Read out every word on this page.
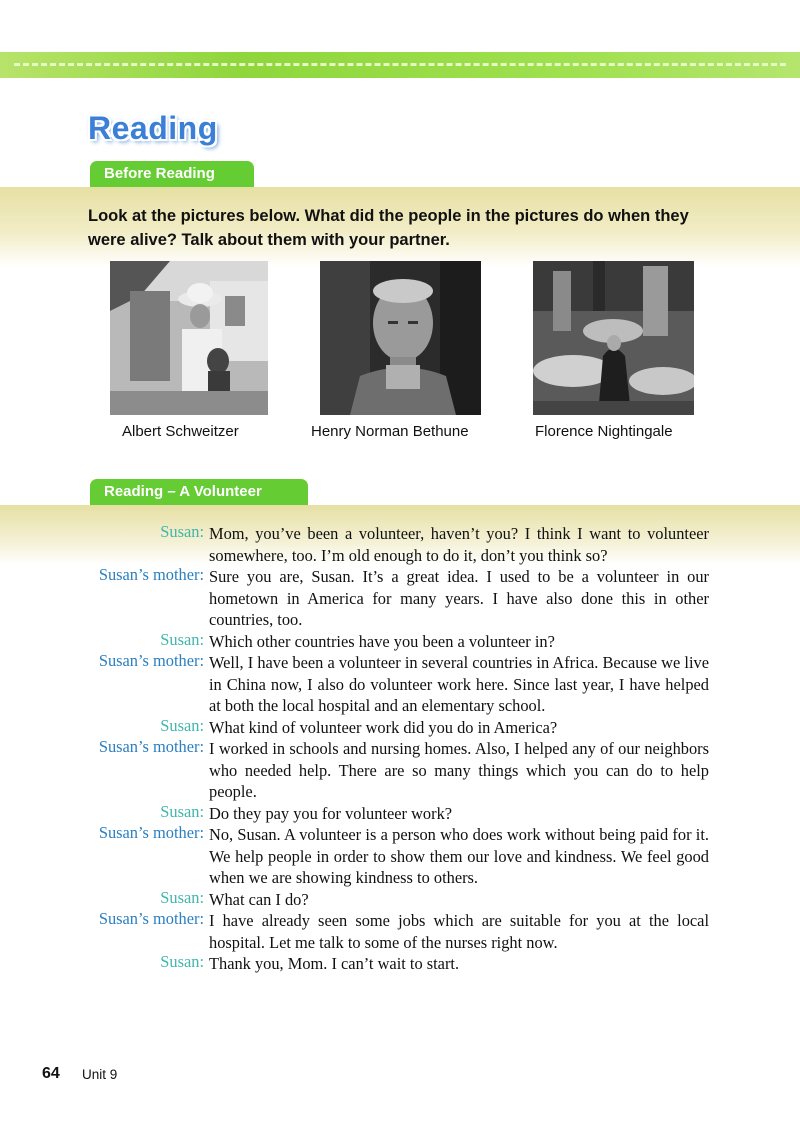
Reading
Before Reading

Look at the pictures below. What did the people in the pictures do when they were alive? Talk about them with your partner.

Albert Schweitzer	Henry Norman Bethune	Florence Nightingale
Reading – A Volunteer
Susan: Mom, you’ve been a volunteer, haven’t you? I think I want to volunteer somewhere, too. I’m old enough to do it, don’t you think so?
Susan’s mother: Sure you are, Susan. It’s a great idea. I used to be a volunteer in our hometown in America for many years. I have also done this in other countries, too.
Susan: Which other countries have you been a volunteer in?
Susan’s mother: Well, I have been a volunteer in several countries in Africa. Because we live in China now, I also do volunteer work here. Since last year, I have helped at both the local hospital and an elementary school.
Susan: What kind of volunteer work did you do in America?
Susan’s mother: I worked in schools and nursing homes. Also, I helped any of our neighbors who needed help. There are so many things which you can do to help people.
Susan: Do they pay you for volunteer work?
Susan’s mother: No, Susan. A volunteer is a person who does work without being paid for it. We help people in order to show them our love and kindness. We feel good when we are showing kindness to others.
Susan: What can I do?
Susan’s mother: I have already seen some jobs which are suitable for you at the local hospital. Let me talk to some of the nurses right now.
Susan: Thank you, Mom. I can’t wait to start.
64 Unit 9
